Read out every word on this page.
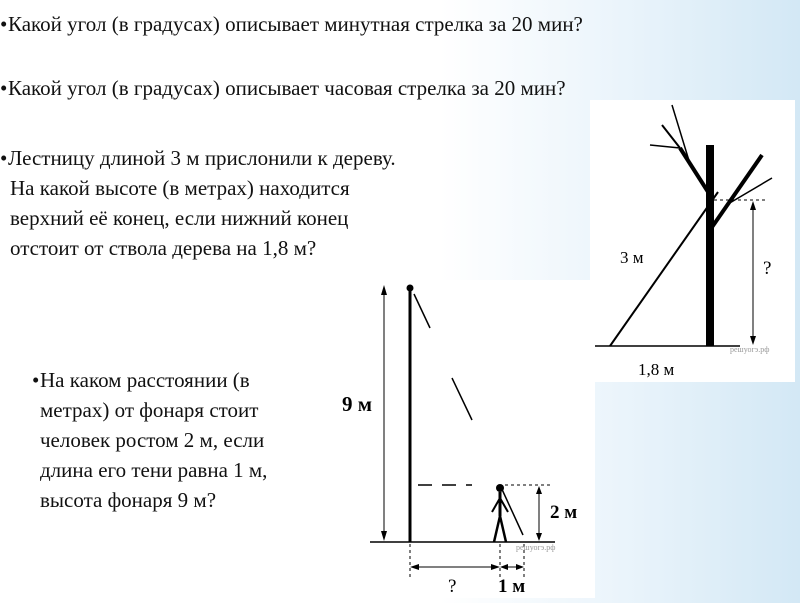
• Какой угол (в градусах) описывает минутная стрелка за 20 мин?
• Какой угол (в градусах) описывает часовая стрелка за 20 мин?
• Лестницу длиной 3 м прислонили к дереву.
На какой высоте (в метрах) находится
верхний её конец, если нижний конец
отстоит от ствола дерева на 1,8 м?
• На каком расстоянии (в
метрах) от фонаря стоит
человек ростом 2 м, если
длина его тени равна 1 м,
высота фонаря 9 м?
3 м
?
1,8 м
решуогэ.рф
9 м
2 м
? 1 м
решуогэ.рф
